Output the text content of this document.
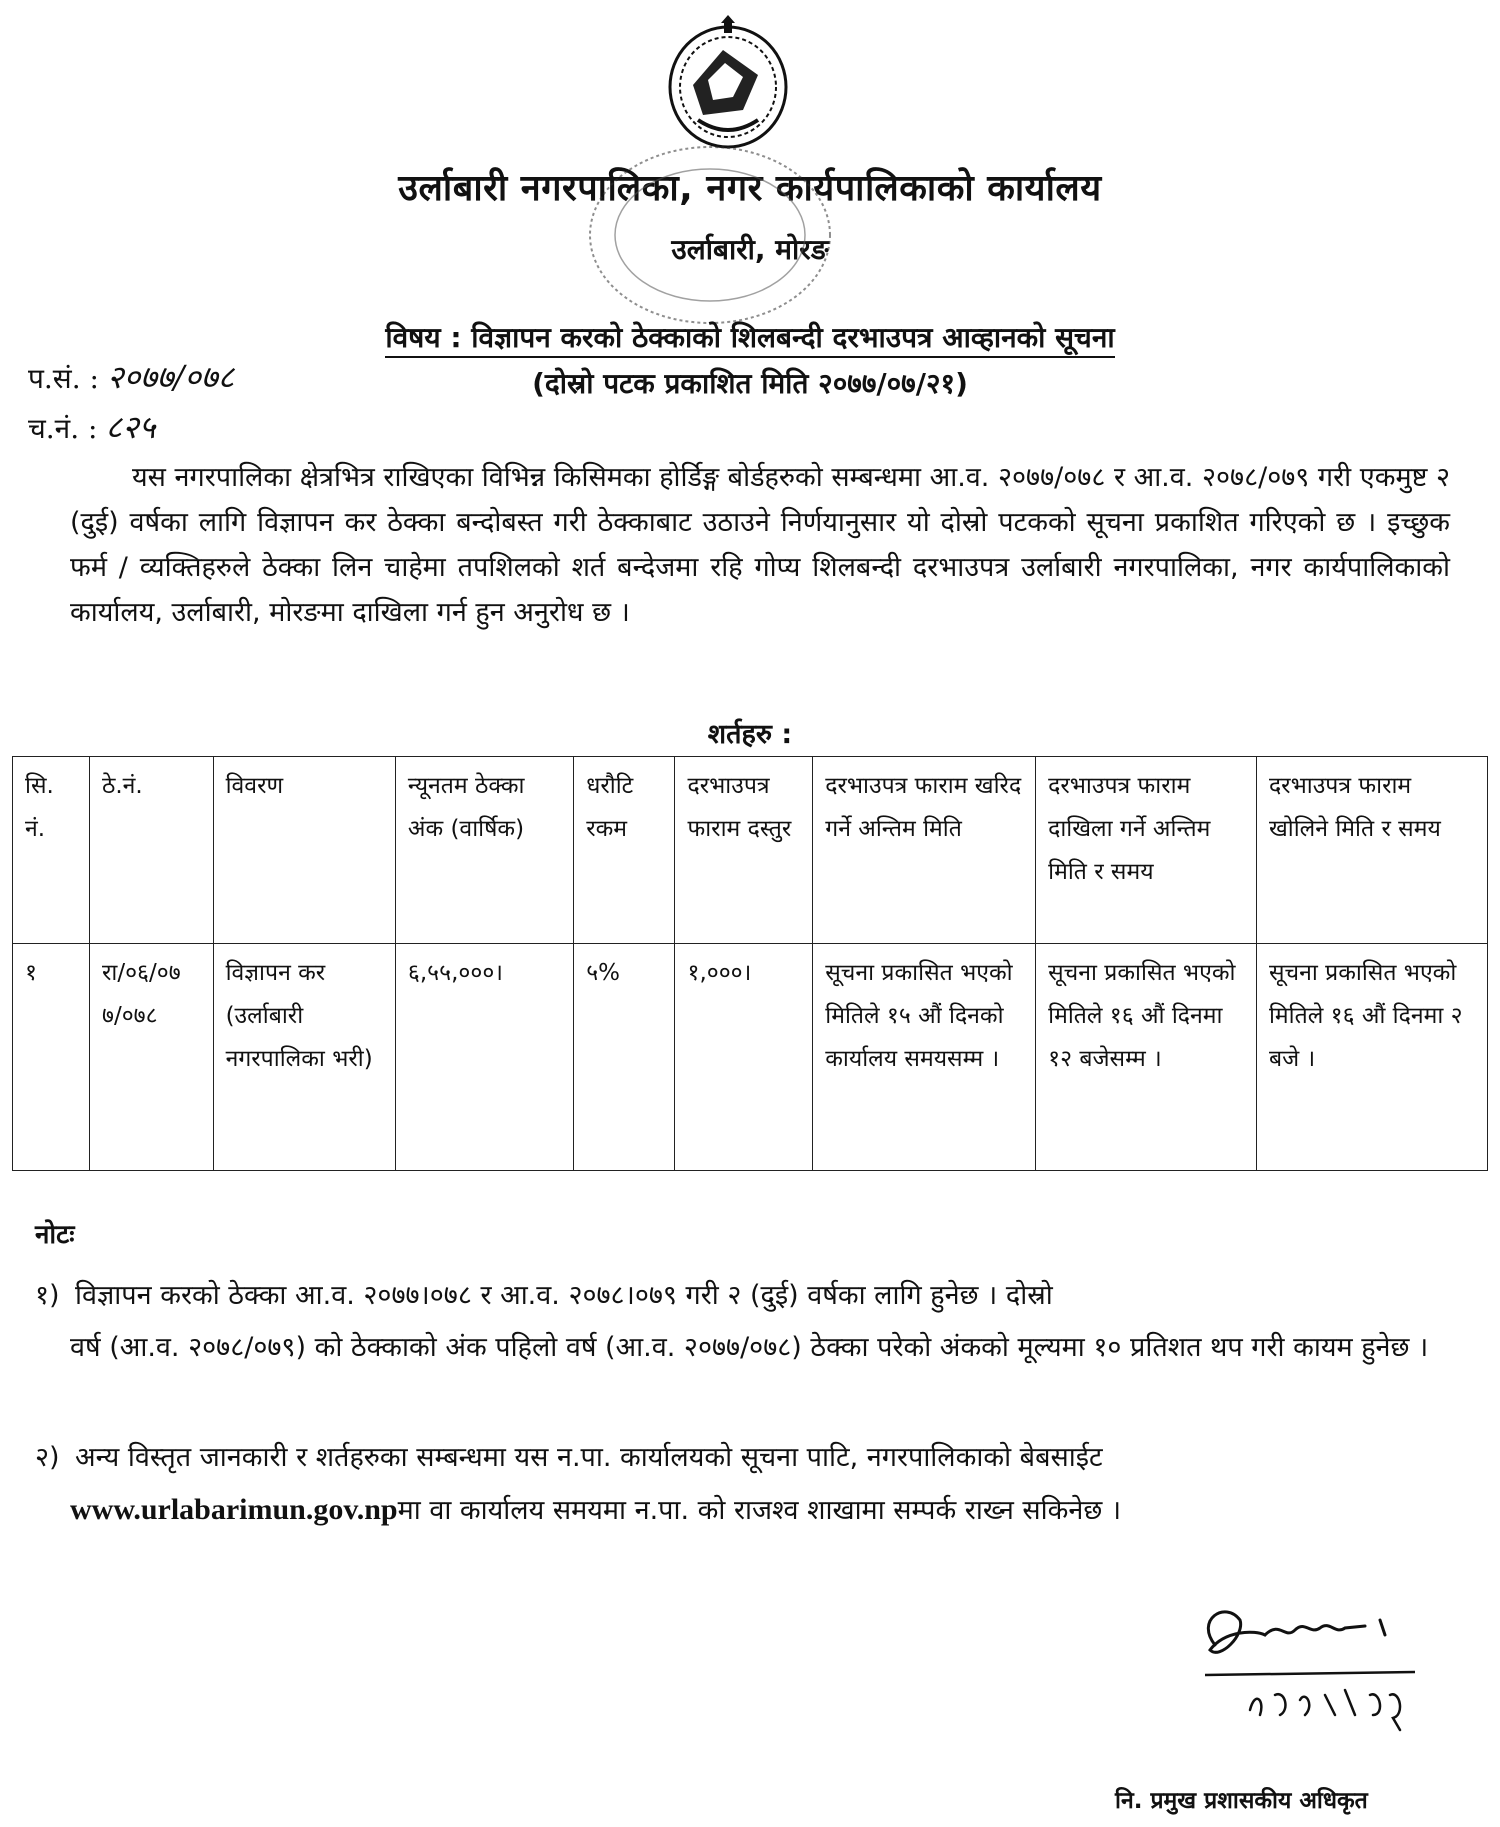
उर्लाबारी नगरपालिका, नगर कार्यपालिकाको कार्यालय
उर्लाबारी, मोरङ
विषय : विज्ञापन करको ठेक्काको शिलबन्दी दरभाउपत्र आव्हानको सूचना
(दोस्रो पटक प्रकाशित मिति २०७७/०७/२१)
प.सं. : २०७७/०७८
च.नं. : ८२५

यस नगरपालिका क्षेत्रभित्र राखिएका विभिन्न किसिमका होर्डिङ्ग बोर्डहरुको सम्बन्धमा आ.व. २०७७/०७८ र आ.व. २०७८/०७९ गरी एकमुष्ट २ (दुई) वर्षका लागि विज्ञापन कर ठेक्का बन्दोबस्त गरी ठेक्काबाट उठाउने निर्णयानुसार यो दोस्रो पटकको सूचना प्रकाशित गरिएको छ । इच्छुक फर्म / व्यक्तिहरुले ठेक्का लिन चाहेमा तपशिलको शर्त बन्देजमा रहि गोप्य शिलबन्दी दरभाउपत्र उर्लाबारी नगरपालिका, नगर कार्यपालिकाको कार्यालय, उर्लाबारी, मोरङमा दाखिला गर्न हुन अनुरोध छ ।

शर्तहरु :
सि. नं.	ठे.नं.	विवरण	न्यूनतम ठेक्का अंक (वार्षिक)	धरौटि रकम	दरभाउपत्र फाराम दस्तुर	दरभाउपत्र फाराम खरिद गर्ने अन्तिम मिति	दरभाउपत्र फाराम दाखिला गर्ने अन्तिम मिति र समय	दरभाउपत्र फाराम खोलिने मिति र समय
१	रा/०६/०७ ७/०७८	विज्ञापन कर (उर्लाबारी नगरपालिका भरी)	६,५५,०००।	५%	१,०००।	सूचना प्रकासित भएको मितिले १५ औं दिनको कार्यालय समयसम्म ।	सूचना प्रकासित भएको मितिले १६ औं दिनमा १२ बजेसम्म ।	सूचना प्रकासित भएको मितिले १६ औं दिनमा २ बजे ।
नोटः
१) विज्ञापन करको ठेक्का आ.व. २०७७।०७८ र आ.व. २०७८।०७९ गरी २ (दुई) वर्षका लागि हुनेछ । दोस्रो
वर्ष (आ.व. २०७८/०७९) को ठेक्काको अंक पहिलो वर्ष (आ.व. २०७७/०७८) ठेक्का परेको अंकको मूल्यमा १० प्रतिशत थप गरी कायम हुनेछ ।
२) अन्य विस्तृत जानकारी र शर्तहरुका सम्बन्धमा यस न.पा. कार्यालयको सूचना पाटि, नगरपालिकाको बेबसाईट
www.urlabarimun.gov.npमा वा कार्यालय समयमा न.पा. को राजश्व शाखामा सम्पर्क राख्न सकिनेछ ।
नि. प्रमुख प्रशासकीय अधिकृत
